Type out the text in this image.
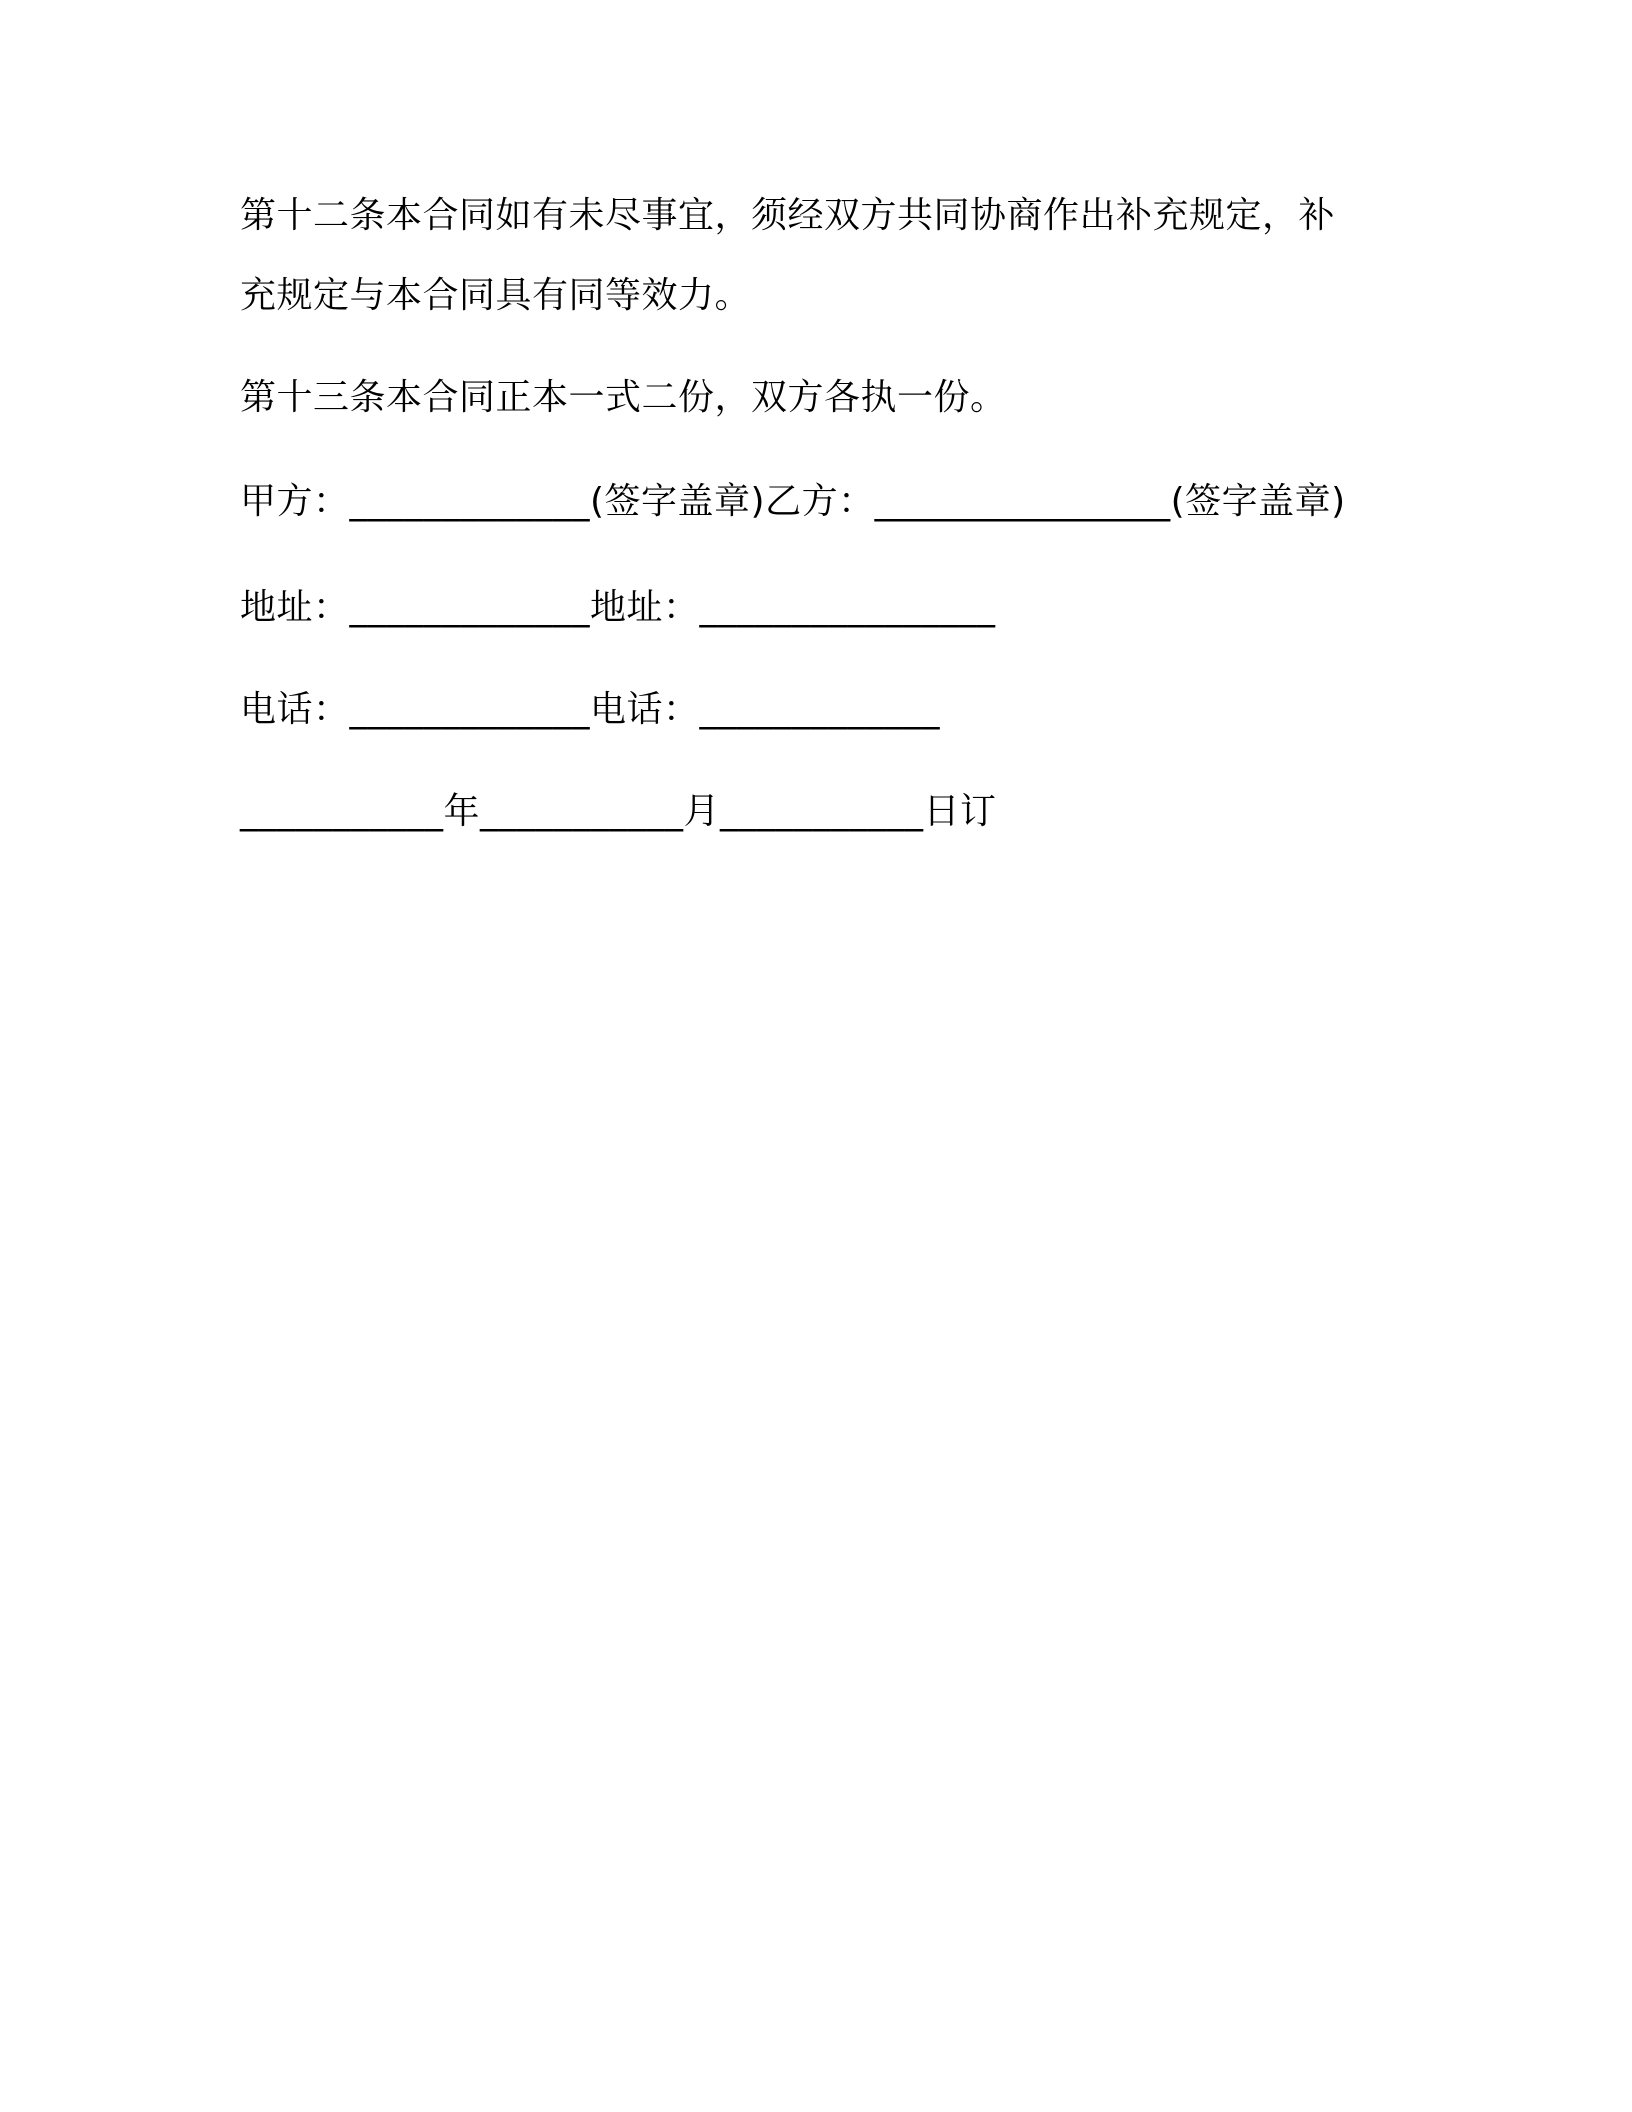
第十二条本合同如有未尽事宜，须经双方共同协商作出补充规定，补
充规定与本合同具有同等效力。
第十三条本合同正本一式二份，双方各执一份。
甲方：_____________(签字盖章)乙方：________________(签字盖章)
地址：_____________地址：________________
电话：_____________电话：_____________
___________年___________月___________日订
